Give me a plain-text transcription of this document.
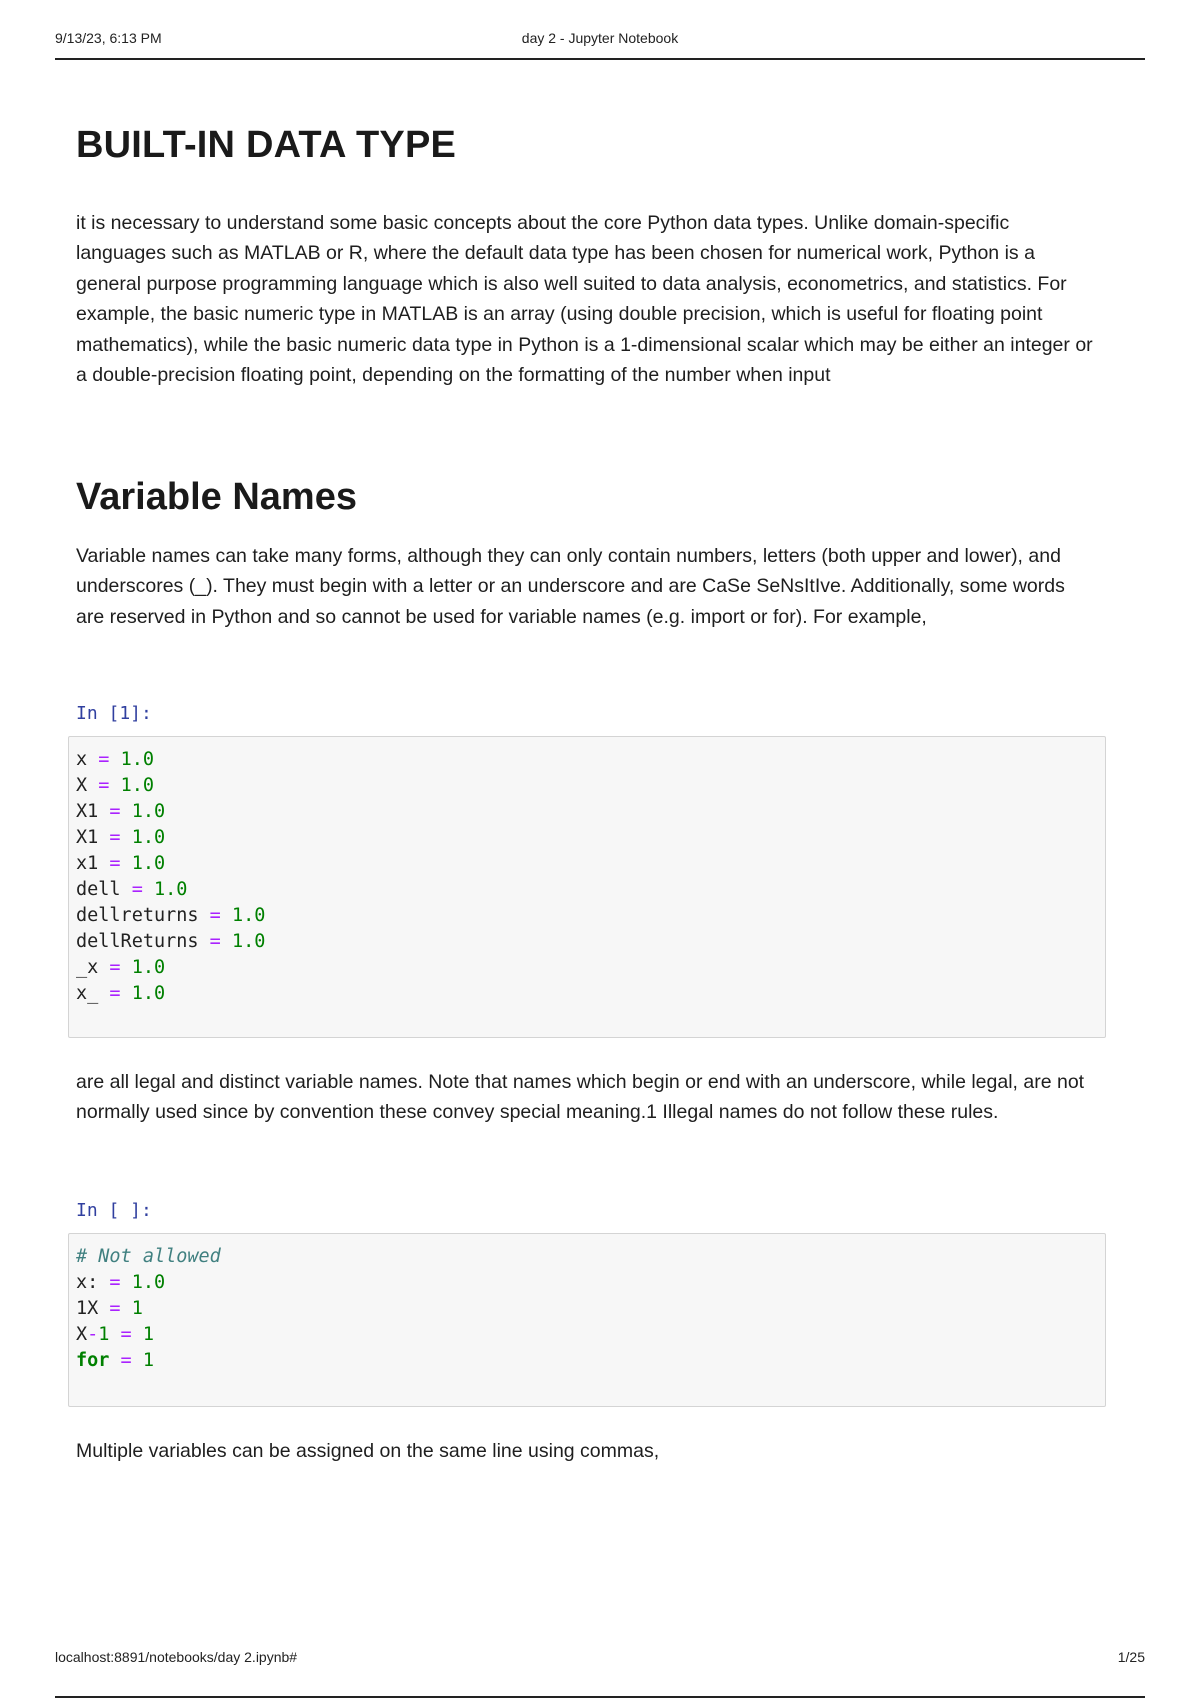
9/13/23, 6:13 PM	day 2 - Jupyter Notebook
BUILT-IN DATA TYPE

it is necessary to understand some basic concepts about the core Python data types. Unlike domain-specific languages such as MATLAB or R, where the default data type has been chosen for numerical work, Python is a general purpose programming language which is also well suited to data analysis, econometrics, and statistics. For example, the basic numeric type in MATLAB is an array (using double precision, which is useful for floating point mathematics), while the basic numeric data type in Python is a 1-dimensional scalar which may be either an integer or a double-precision floating point, depending on the formatting of the number when input

Variable Names

Variable names can take many forms, although they can only contain numbers, letters (both upper and lower), and underscores (_). They must begin with a letter or an underscore and are CaSe SeNsItIve. Additionally, some words are reserved in Python and so cannot be used for variable names (e.g. import or for). For example,

In [1]:
x = 1.0
X = 1.0
X1 = 1.0
X1 = 1.0
x1 = 1.0
dell = 1.0
dellreturns = 1.0
dellReturns = 1.0
_x = 1.0
x_ = 1.0

are all legal and distinct variable names. Note that names which begin or end with an underscore, while legal, are not normally used since by convention these convey special meaning.1 Illegal names do not follow these rules.

In [ ]:
# Not allowed
x: = 1.0
1X = 1
X-1 = 1
for = 1

Multiple variables can be assigned on the same line using commas,

localhost:8891/notebooks/day 2.ipynb#	1/25
